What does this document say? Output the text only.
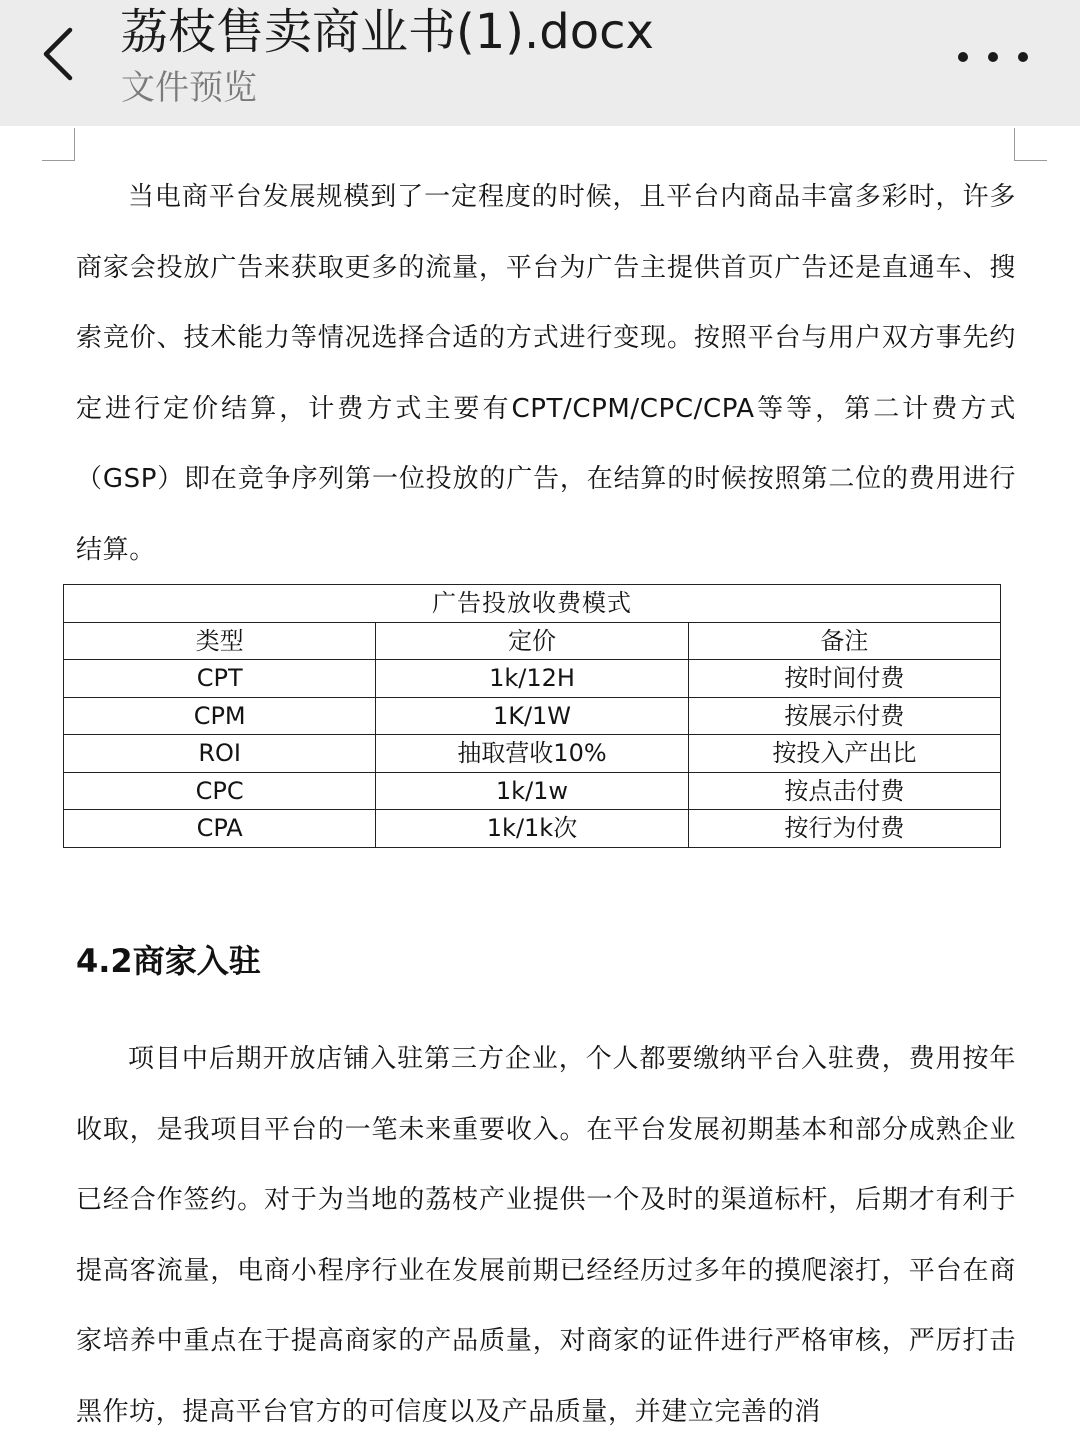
荔枝售卖商业书(1).docx
文件预览

当电商平台发展规模到了一定程度的时候，且平台内商品丰富多彩时，许多商家会投放广告来获取更多的流量，平台为广告主提供首页广告还是直通车、搜索竞价、技术能力等情况选择合适的方式进行变现。按照平台与用户双方事先约定进行定价结算，计费方式主要有CPT/CPM/CPC/CPA等等，第二计费方式（GSP）即在竞争序列第一位投放的广告，在结算的时候按照第二位的费用进行结算。

4.2商家入驻

项目中后期开放店铺入驻第三方企业，个人都要缴纳平台入驻费，费用按年收取，是我项目平台的一笔未来重要收入。在平台发展初期基本和部分成熟企业已经合作签约。对于为当地的荔枝产业提供一个及时的渠道标杆，后期才有利于提高客流量，电商小程序行业在发展前期已经经历过多年的摸爬滚打，平台在商家培养中重点在于提高商家的产品质量，对商家的证件进行严格审核，严厉打击黑作坊，提高平台官方的可信度以及产品质量，并建立完善的消

广告投放收费模式		
类型	定价	备注
CPT	1k/12H	按时间付费
CPM	1K/1W	按展示付费
ROI	抽取营收10%	按投入产出比
CPC	1k/1w	按点击付费
CPA	1k/1k次	按行为付费
